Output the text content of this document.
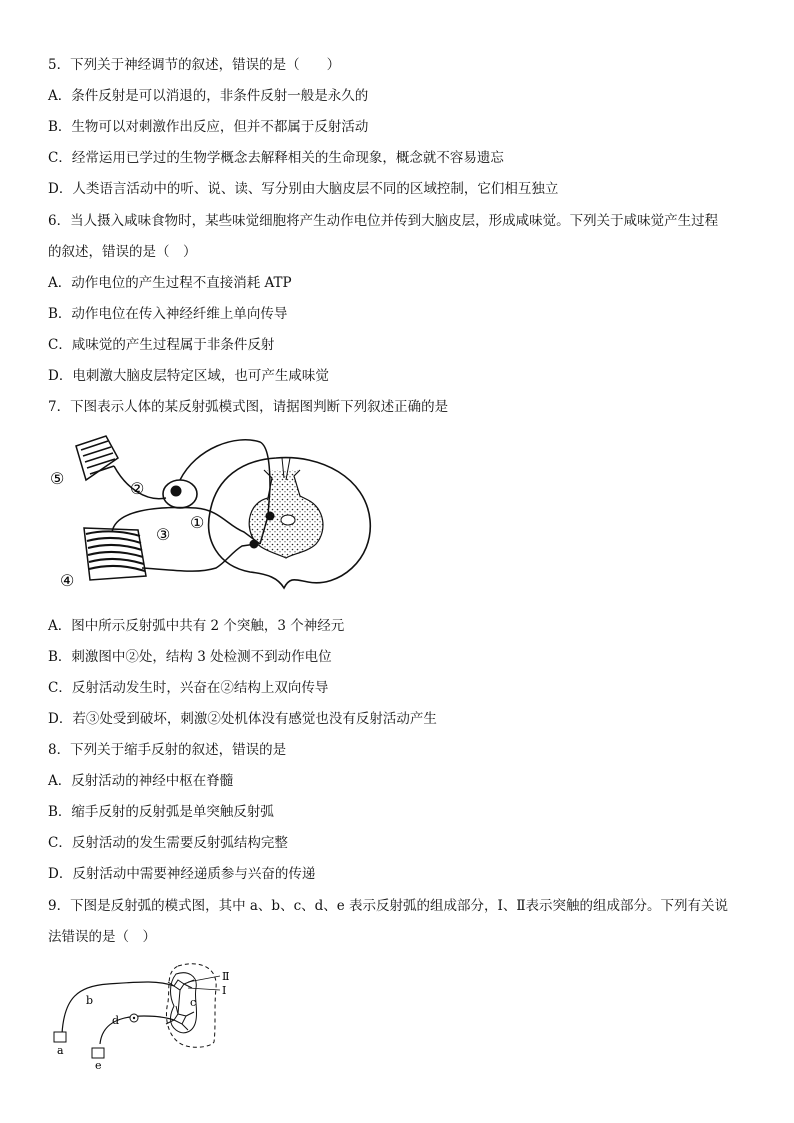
5．下列关于神经调节的叙述，错误的是（　　）
A．条件反射是可以消退的，非条件反射一般是永久的
B．生物可以对刺激作出反应，但并不都属于反射活动
C．经常运用已学过的生物学概念去解释相关的生命现象，概念就不容易遗忘
D．人类语言活动中的听、说、读、写分别由大脑皮层不同的区域控制，它们相互独立
6．当人摄入咸味食物时，某些味觉细胞将产生动作电位并传到大脑皮层，形成咸味觉。下列关于咸味觉产生过程
的叙述，错误的是（　）
A．动作电位的产生过程不直接消耗 ATP
B．动作电位在传入神经纤维上单向传导
C．咸味觉的产生过程属于非条件反射
D．电刺激大脑皮层特定区域，也可产生咸味觉
7．下图表示人体的某反射弧模式图，请据图判断下列叙述正确的是
⑤
②
①
③
④
A．图中所示反射弧中共有 2 个突触，3 个神经元
B．刺激图中②处，结构 3 处检测不到动作电位
C．反射活动发生时，兴奋在②结构上双向传导
D．若③处受到破坏，刺激②处机体没有感觉也没有反射活动产生
8．下列关于缩手反射的叙述，错误的是
A．反射活动的神经中枢在脊髓
B．缩手反射的反射弧是单突触反射弧
C．反射活动的发生需要反射弧结构完整
D．反射活动中需要神经递质参与兴奋的传递
9．下图是反射弧的模式图，其中 a、b、c、d、e 表示反射弧的组成部分，Ⅰ、Ⅱ表示突触的组成部分。下列有关说
法错误的是（　）
a
b	c
d
e
Ⅱ
Ⅰ
